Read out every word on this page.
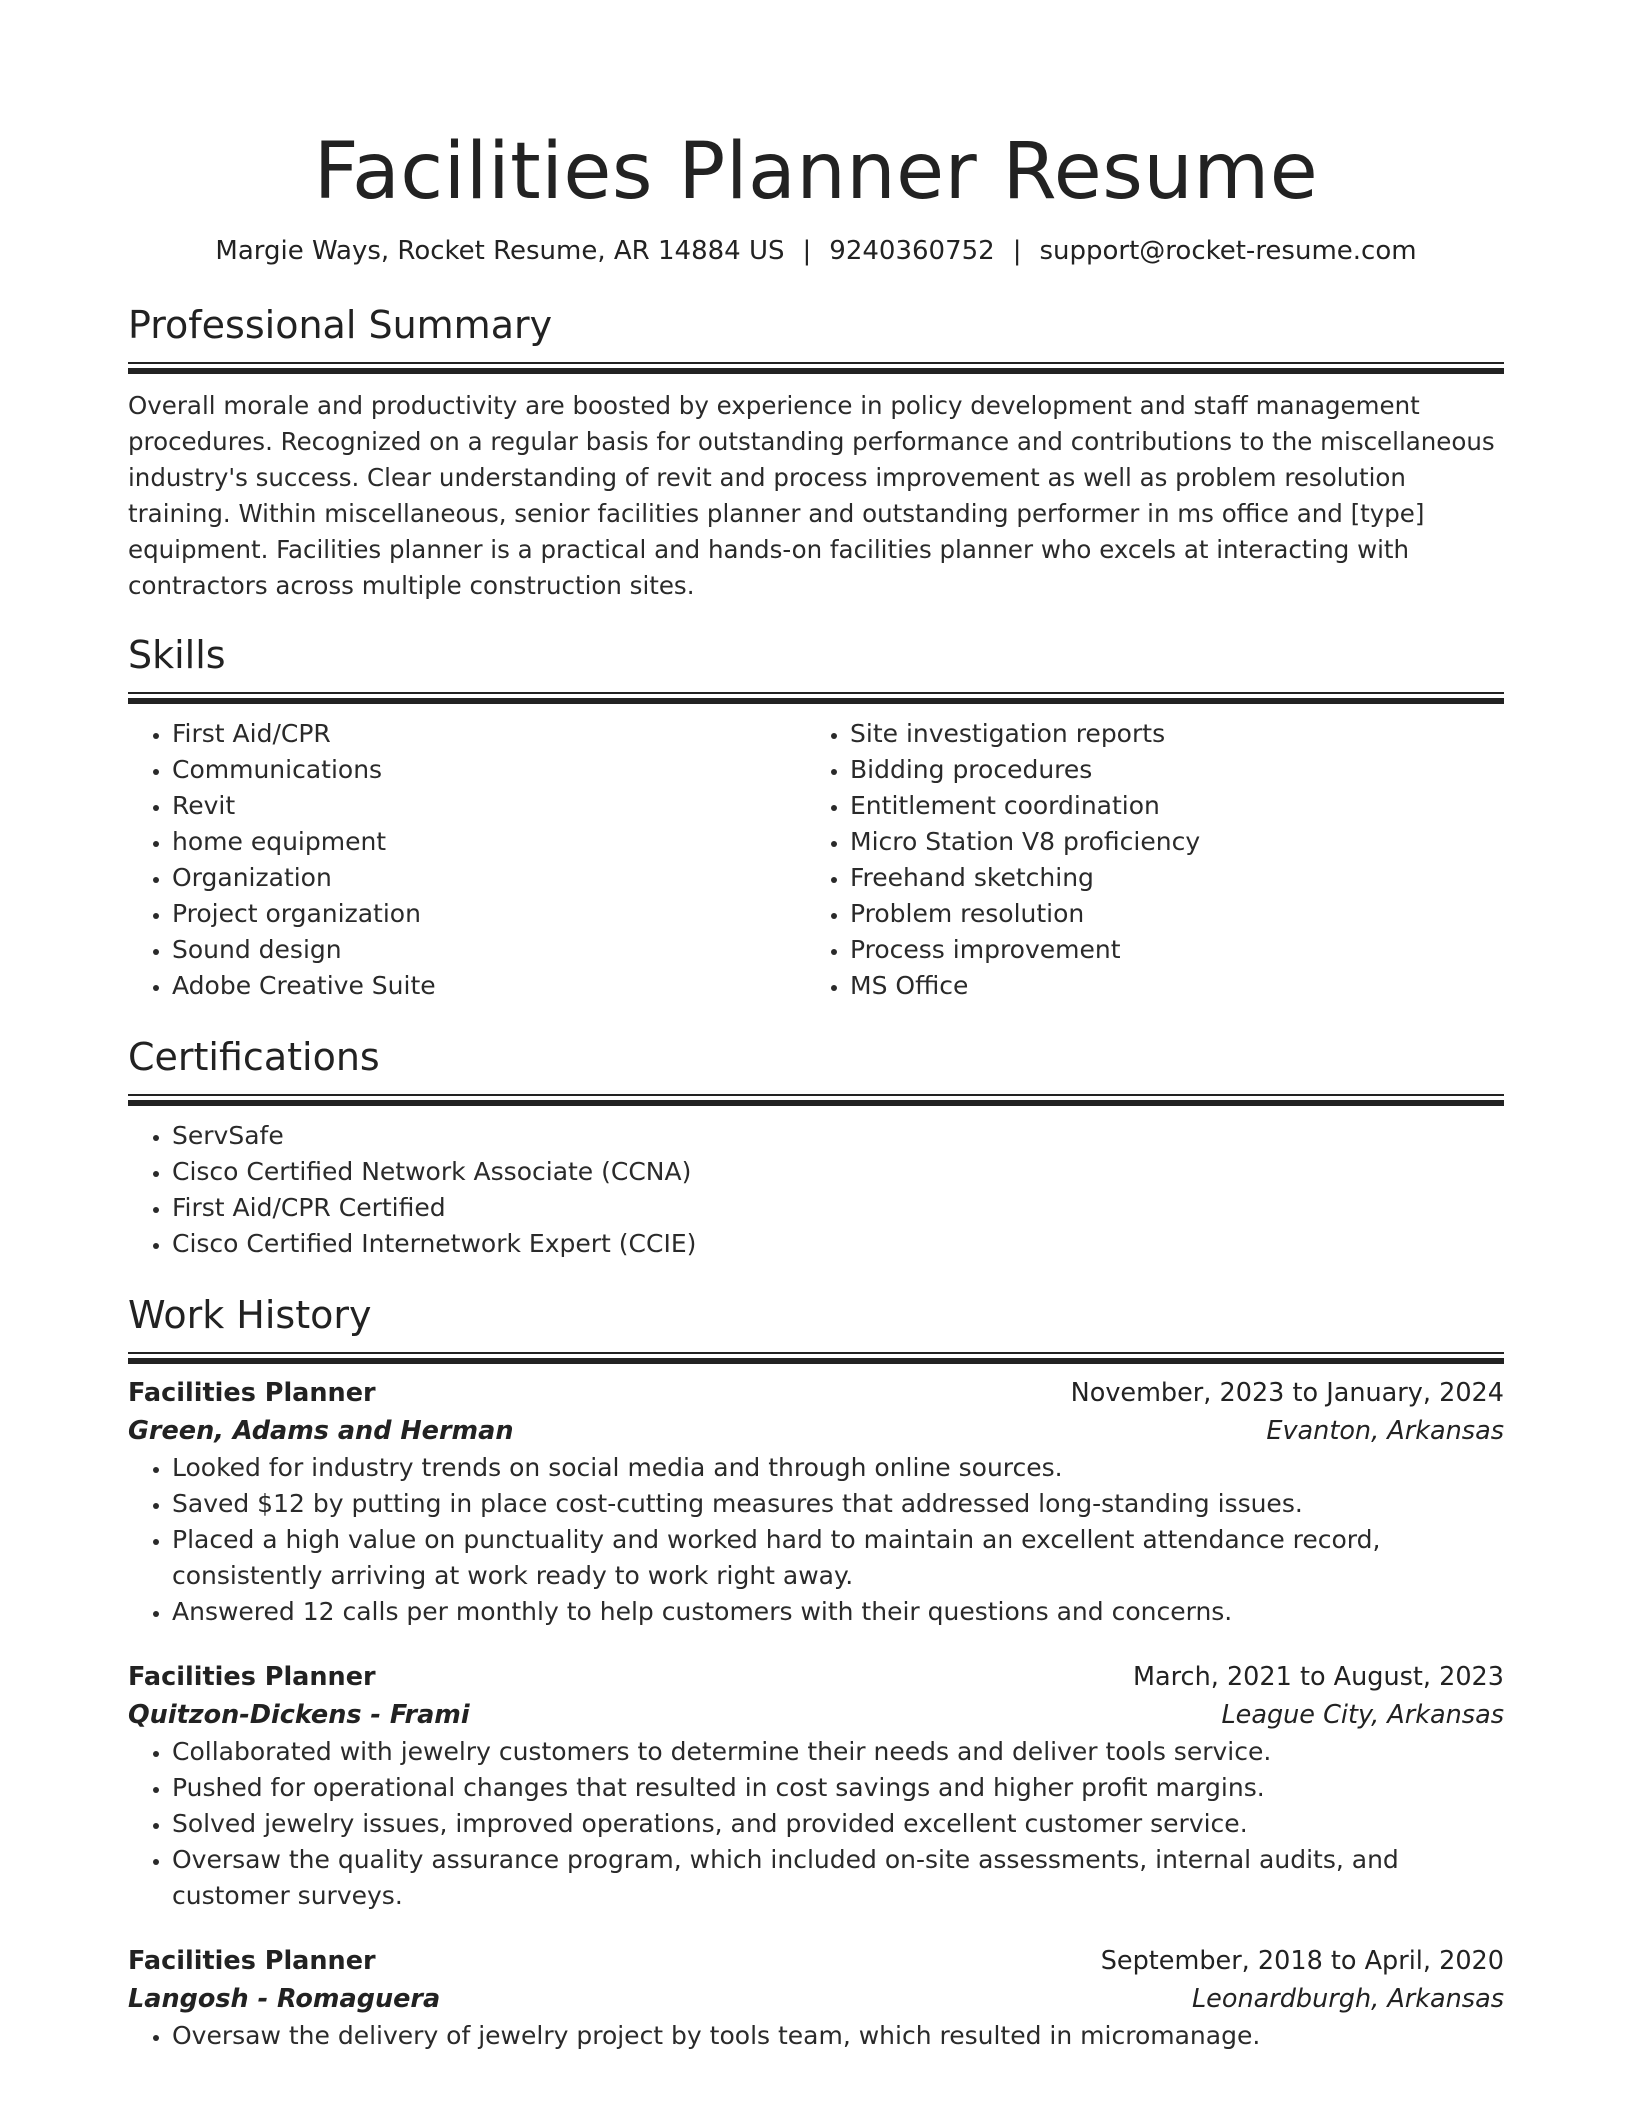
Facilities Planner Resume
Margie Ways, Rocket Resume, AR 14884 US | 9240360752 | support@rocket-resume.com
Professional Summary
Overall morale and productivity are boosted by experience in policy development and staff management procedures. Recognized on a regular basis for outstanding performance and contributions to the miscellaneous industry's success. Clear understanding of revit and process improvement as well as problem resolution training. Within miscellaneous, senior facilities planner and outstanding performer in ms office and [type] equipment. Facilities planner is a practical and hands-on facilities planner who excels at interacting with contractors across multiple construction sites.
Skills
• First Aid/CPR
• Communications
• Revit
• home equipment
• Organization
• Project organization
• Sound design
• Adobe Creative Suite
• Site investigation reports
• Bidding procedures
• Entitlement coordination
• Micro Station V8 proficiency
• Freehand sketching
• Problem resolution
• Process improvement
• MS Office
Certifications
• ServSafe
• Cisco Certified Network Associate (CCNA)
• First Aid/CPR Certified
• Cisco Certified Internetwork Expert (CCIE)
Work History
Facilities Planner	November, 2023 to January, 2024
Green, Adams and Herman	Evanton, Arkansas
• Looked for industry trends on social media and through online sources.
• Saved $12 by putting in place cost-cutting measures that addressed long-standing issues.
• Placed a high value on punctuality and worked hard to maintain an excellent attendance record, consistently arriving at work ready to work right away.
• Answered 12 calls per monthly to help customers with their questions and concerns.
Facilities Planner	March, 2021 to August, 2023
Quitzon-Dickens - Frami	League City, Arkansas
• Collaborated with jewelry customers to determine their needs and deliver tools service.
• Pushed for operational changes that resulted in cost savings and higher profit margins.
• Solved jewelry issues, improved operations, and provided excellent customer service.
• Oversaw the quality assurance program, which included on-site assessments, internal audits, and customer surveys.
Facilities Planner	September, 2018 to April, 2020
Langosh - Romaguera	Leonardburgh, Arkansas
• Oversaw the delivery of jewelry project by tools team, which resulted in micromanage.
